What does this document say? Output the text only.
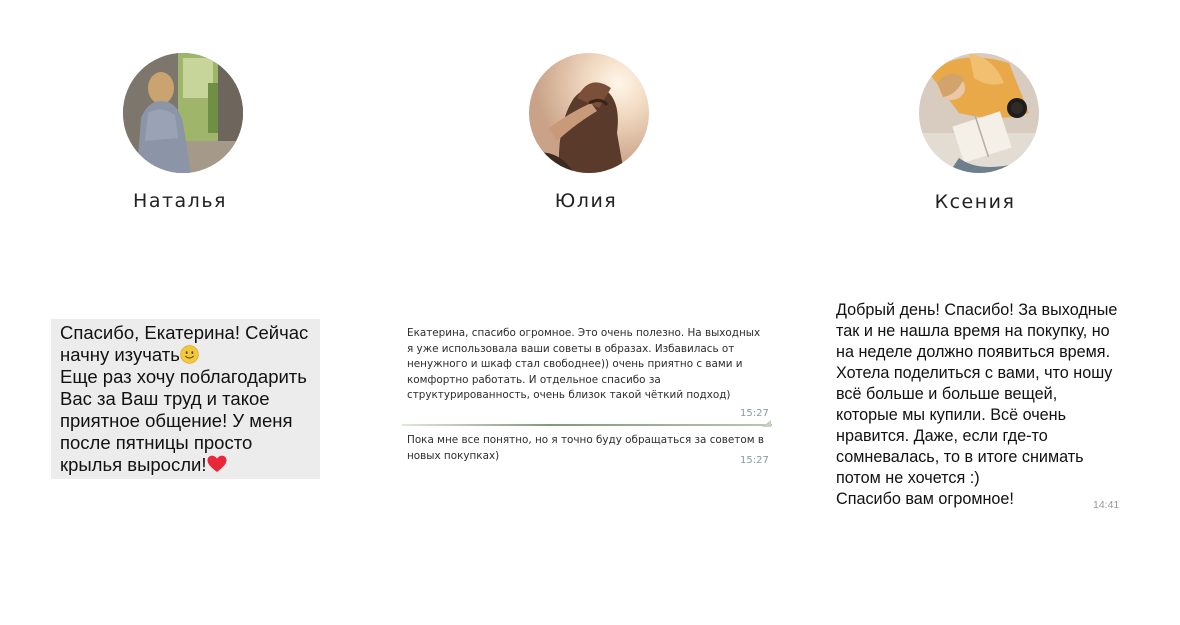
Наталья	Юлия	Ксения
Спасибо, Екатерина! Сейчас
начну изучать
Еще раз хочу поблагодарить
Вас за Ваш труд и такое
приятное общение! У меня
после пятницы просто
крылья выросли!
Екатерина, спасибо огромное. Это очень полезно. На выходных
я уже использовала ваши советы в образах. Избавилась от
ненужного и шкаф стал свободнее)) очень приятно с вами и
комфортно работать. И отдельное спасибо за
структурированность, очень близок такой чёткий подход)
15:27
Пока мне все понятно, но я точно буду обращаться за советом в
новых покупках)	15:27
Добрый день! Спасибо! За выходные
так и не нашла время на покупку, но
на неделе должно появиться время.
Хотела поделиться с вами, что ношу
всё больше и больше вещей,
которые мы купили. Всё очень
нравится. Даже, если где-то
сомневалась, то в итоге снимать
потом не хочется :)
Спасибо вам огромное!	14:41
